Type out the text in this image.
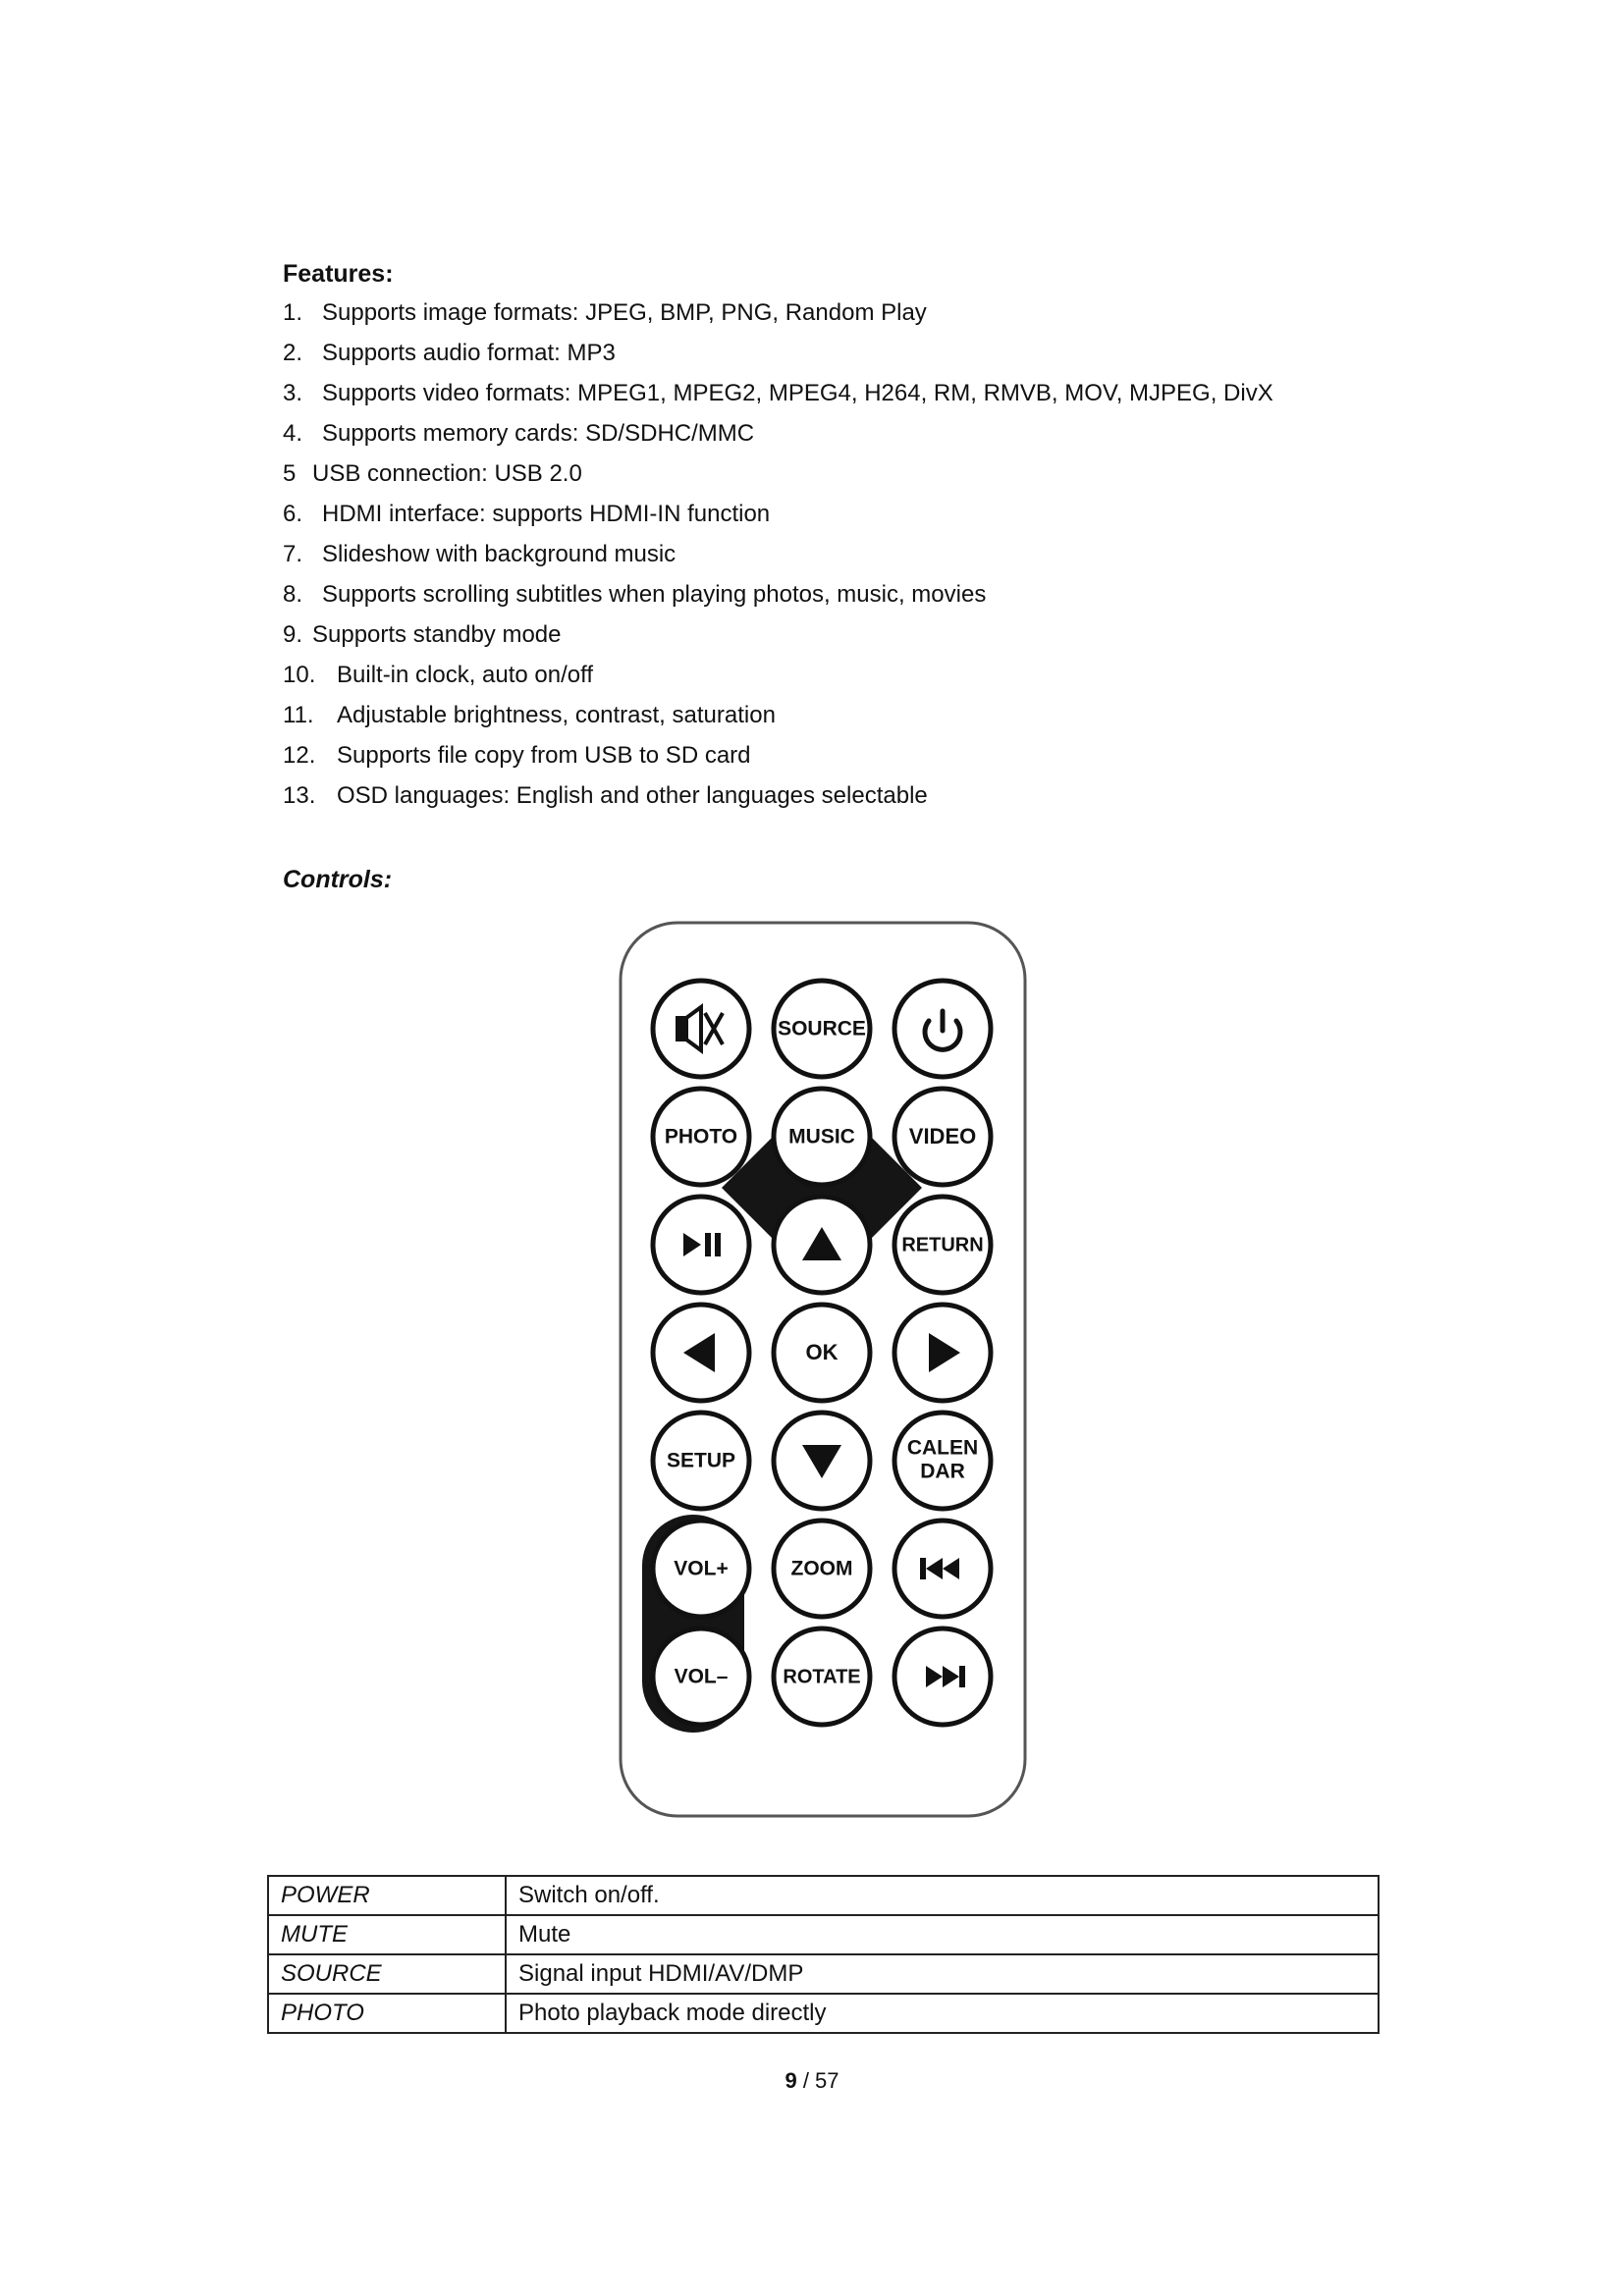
Features:
1. Supports image formats: JPEG, BMP, PNG, Random Play
2. Supports audio format: MP3
3. Supports video formats: MPEG1, MPEG2, MPEG4, H264, RM, RMVB, MOV, MJPEG, DivX
4. Supports memory cards: SD/SDHC/MMC
5 USB connection: USB 2.0
6. HDMI interface: supports HDMI-IN function
7. Slideshow with background music
8. Supports scrolling subtitles when playing photos, music, movies
9. Supports standby mode
10. Built-in clock, auto on/off
11. Adjustable brightness, contrast, saturation
12. Supports file copy from USB to SD card
13. OSD languages: English and other languages selectable
Controls:
SOURCE
PHOTO MUSIC VIDEO
RETURN
OK
SETUP
CALEN
DAR
VOL+	ZOOM
VOL–	ROTATE
POWER	Switch on/off.
MUTE	Mute
SOURCE	Signal input HDMI/AV/DMP
PHOTO	Photo playback mode directly
9 / 57
